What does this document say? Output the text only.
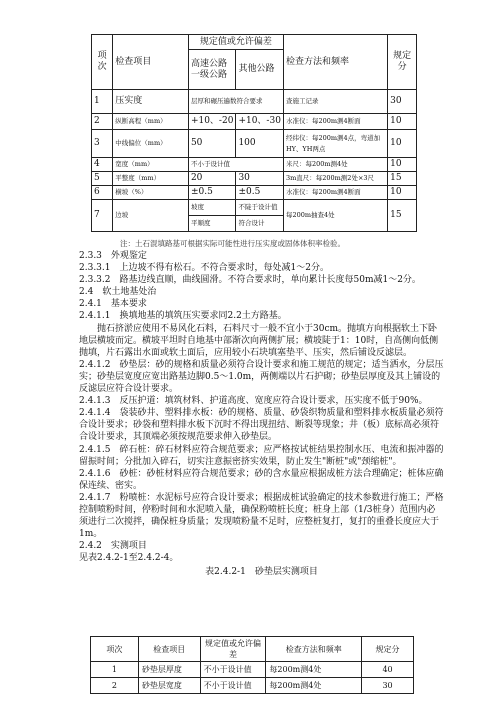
项次	检查项目	规定值或允许偏差		检查方法和频率	规定分
		高速公路一级公路	其他公路		
1	压实度	层厚和碾压遍数符合要求		查施工记录	30
2	纵断高程（mm）	+10、-20	+10、-30	水准仪：每200m测4断面	10
3	中线偏位（mm）	50	100	经纬仪：每200m测4点，弯道加HY、YH两点	10
4	宽度（mm）	不小于设计值		米尺：每200m测4处	10
5	平整度（mm）	20	30	3m直尺：每200m测2处×3尺	15
6	横坡（%）	±0.5	±0.5	水准仪：每200m测4断面	10
7	边坡	坡度	不陡于设计值	每200m抽查4处	15
		平顺度	符合设计		
注：土石混填路基可根据实际可能性进行压实度或固体体积率检验。

2.3.3　外观鉴定

2.3.3.1　上边坡不得有松石。不符合要求时，每处减1～2分。

2.3.3.2　路基边线直顺，曲线圆滑。不符合要求时，单向累计长度每50m减1～2分。

2.4　软土地基处治

2.4.1　基本要求

2.4.1.1　换填地基的填筑压实要求同2.2土方路基。

抛石挤淤应使用不易风化石料，石料尺寸一般不宜小于30cm。抛填方向根据软土下卧地层横坡而定。横坡平坦时自地基中部渐次向两侧扩展；横坡陡于1：10时，自高侧向低侧抛填，片石露出水面或软土面后，应用较小石块填塞垫平、压实，然后铺设反滤层。

2.4.1.2　砂垫层：砂的规格和质量必须符合设计要求和施工规范的规定；适当洒水，分层压实；砂垫层宽度应宽出路基边脚0.5～1.0m，两侧端以片石护砌；砂垫层厚度及其上铺设的反滤层应符合设计要求。

2.4.1.3　反压护道：填筑材料、护道高度、宽度应符合设计要求，压实度不低于90%。

2.4.1.4　袋装砂井、塑料排水板：砂的规格、质量、砂袋织物质量和塑料排水板质量必须符合设计要求；砂袋和塑料排水板下沉时不得出现扭结、断裂等现象；井（板）底标高必须符合设计要求，其顶端必须按规范要求伸入砂垫层。

2.4.1.5　碎石桩：碎石材料应符合规范要求；应严格按试桩结果控制水压、电流和振冲器的留振时间；分批加入碎石，切实注意振密挤实效果，防止发生"断桩"或"颈缩桩"。

2.4.1.6　砂桩：砂桩材料应符合规范要求；砂的含水量应根据成桩方法合理确定；桩体应确保连续、密实。

2.4.1.7　粉喷桩：水泥标号应符合设计要求；根据成桩试验确定的技术参数进行施工；严格控制喷粉时间，停粉时间和水泥喷入量，确保粉喷桩长度；桩身上部（1/3桩身）范围内必须进行二次搅拌，确保桩身质量；发现喷粉量不足时，应整桩复打，复打的重叠长度应大于1m。

2.4.2　实测项目

见表2.4.2-1至2.4.2-4。

表2.4.2-1　砂垫层实测项目

项次	检查项目	规定值或允许偏差	检查方法和频率	规定分
1	砂垫层厚度	不小于设计值	每200m测4处	40
2	砂垫层宽度	不小于设计值	每200m测4处	30
